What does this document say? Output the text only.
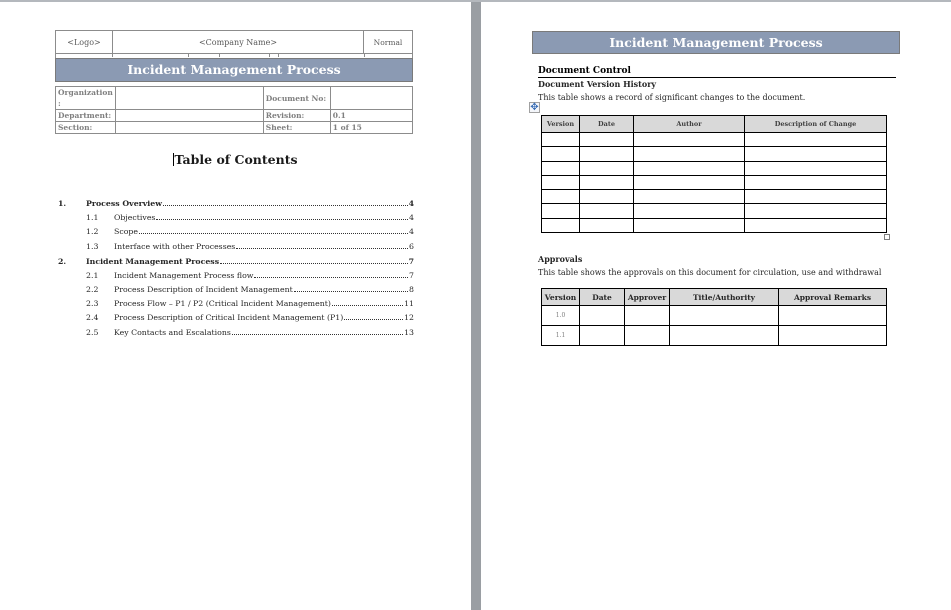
<Logo>	<Company Name>	Normal
Incident Management Process
Organization :		Document No:	
Department:		Revision:	0.1
Section:		Sheet:	1 of 15
Table of Contents
1.	Process Overview	4
1.1	Objectives	4
1.2	Scope	4
1.3	Interface with other Processes	6
2.	Incident Management Process	7
2.1	Incident Management Process flow	7
2.2	Process Description of Incident Management	8
2.3	Process Flow – P1 / P2 (Critical Incident Management)	11
2.4	Process Description of Critical Incident Management (P1)	12
2.5	Key Contacts and Escalations	13
Incident Management Process
Document Control
Document Version History
This table shows a record of significant changes to the document.
✥
Version	Date	Author	Description of Change

Approvals
This table shows the approvals on this document for circulation, use and withdrawal
Version	Date	Approver	Title/Authority	Approval Remarks
1.0				
1.1				
